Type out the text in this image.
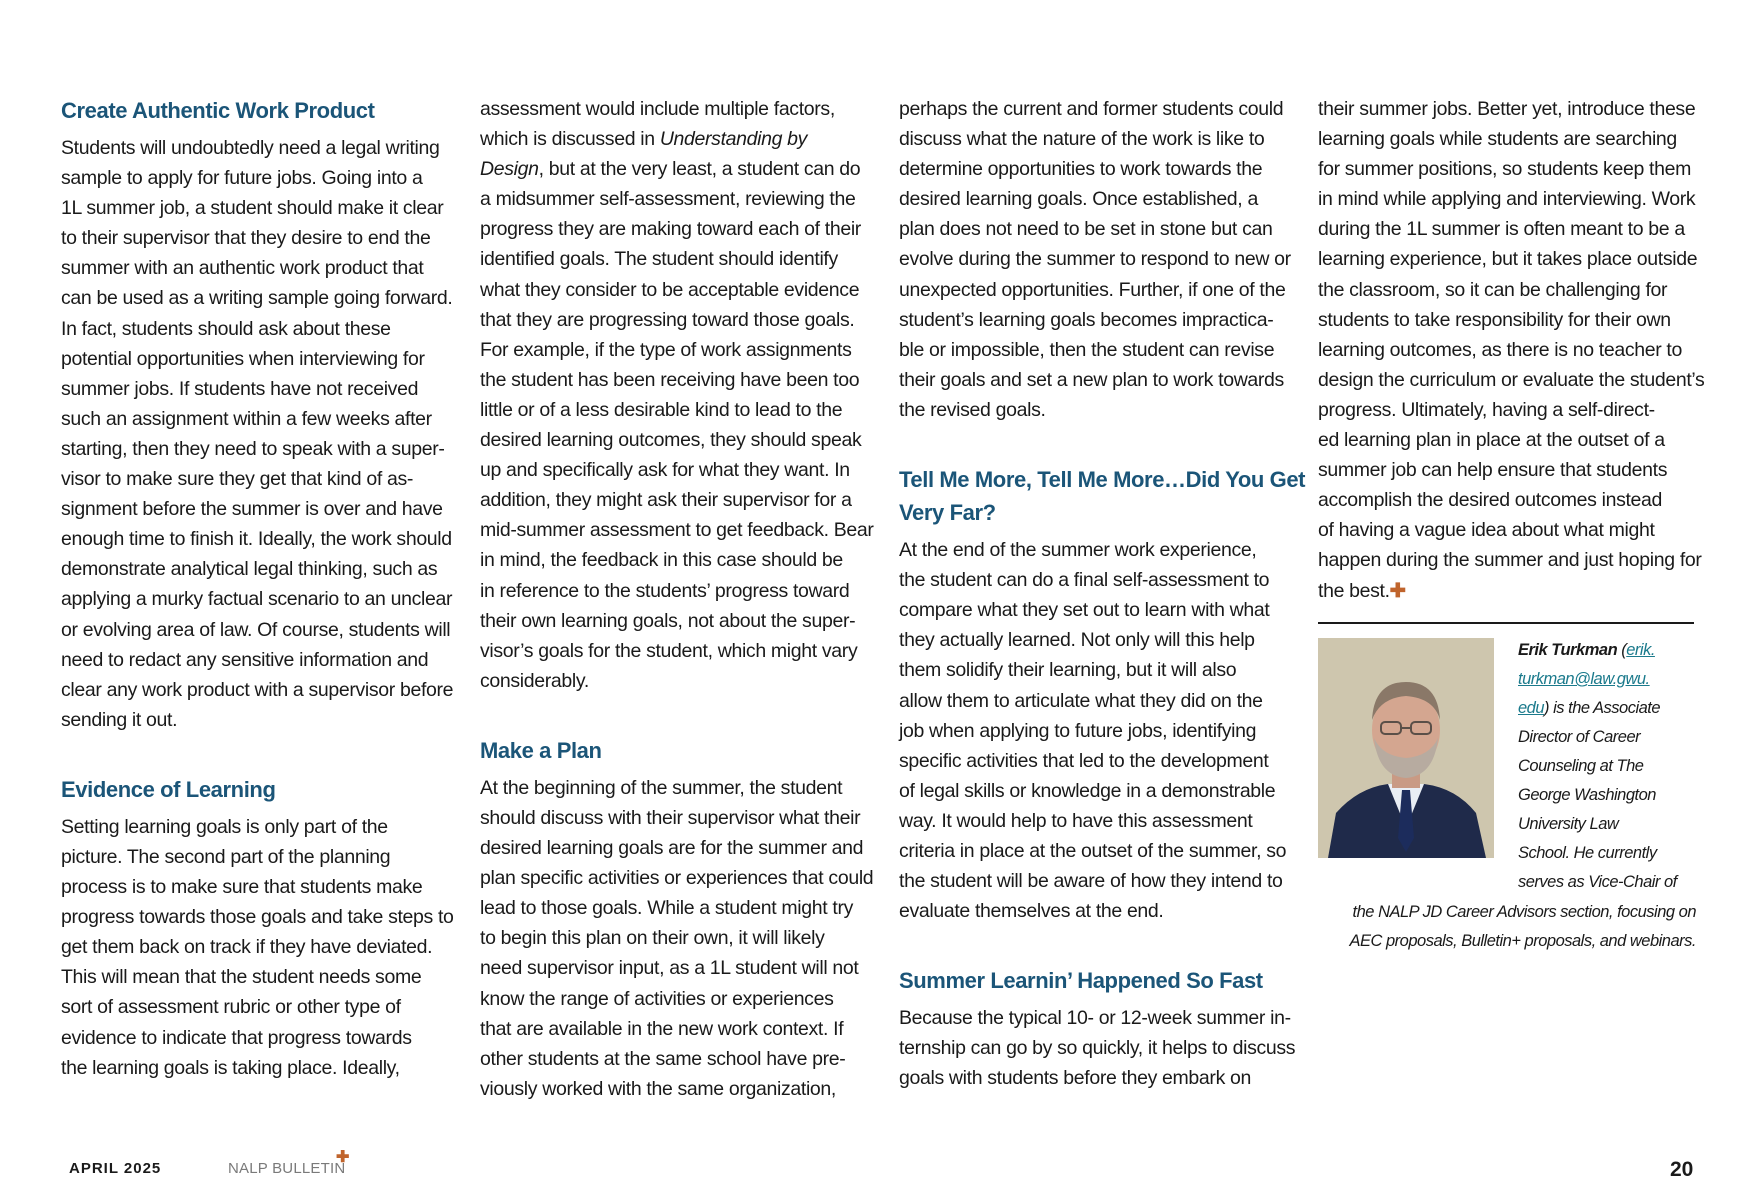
Create Authentic Work Product
Students will undoubtedly need a legal writing
sample to apply for future jobs. Going into a
1L summer job, a student should make it clear
to their supervisor that they desire to end the
summer with an authentic work product that
can be used as a writing sample going forward.
In fact, students should ask about these
potential opportunities when interviewing for
summer jobs. If students have not received
such an assignment within a few weeks after
starting, then they need to speak with a super-
visor to make sure they get that kind of as-
signment before the summer is over and have
enough time to finish it. Ideally, the work should
demonstrate analytical legal thinking, such as
applying a murky factual scenario to an unclear
or evolving area of law. Of course, students will
need to redact any sensitive information and
clear any work product with a supervisor before
sending it out.
Evidence of Learning
Setting learning goals is only part of the
picture. The second part of the planning
process is to make sure that students make
progress towards those goals and take steps to
get them back on track if they have deviated.
This will mean that the student needs some
sort of assessment rubric or other type of
evidence to indicate that progress towards
the learning goals is taking place. Ideally,
assessment would include multiple factors,
which is discussed in Understanding by
Design, but at the very least, a student can do
a midsummer self-assessment, reviewing the
progress they are making toward each of their
identified goals. The student should identify
what they consider to be acceptable evidence
that they are progressing toward those goals.
For example, if the type of work assignments
the student has been receiving have been too
little or of a less desirable kind to lead to the
desired learning outcomes, they should speak
up and specifically ask for what they want. In
addition, they might ask their supervisor for a
mid-summer assessment to get feedback. Bear
in mind, the feedback in this case should be
in reference to the students’ progress toward
their own learning goals, not about the super-
visor’s goals for the student, which might vary
considerably.
Make a Plan
At the beginning of the summer, the student
should discuss with their supervisor what their
desired learning goals are for the summer and
plan specific activities or experiences that could
lead to those goals. While a student might try
to begin this plan on their own, it will likely
need supervisor input, as a 1L student will not
know the range of activities or experiences
that are available in the new work context. If
other students at the same school have pre-
viously worked with the same organization,
perhaps the current and former students could
discuss what the nature of the work is like to
determine opportunities to work towards the
desired learning goals. Once established, a
plan does not need to be set in stone but can
evolve during the summer to respond to new or
unexpected opportunities. Further, if one of the
student’s learning goals becomes impractica-
ble or impossible, then the student can revise
their goals and set a new plan to work towards
the revised goals.
Tell Me More, Tell Me More…Did You Get
Very Far?
At the end of the summer work experience,
the student can do a final self-assessment to
compare what they set out to learn with what
they actually learned. Not only will this help
them solidify their learning, but it will also
allow them to articulate what they did on the
job when applying to future jobs, identifying
specific activities that led to the development
of legal skills or knowledge in a demonstrable
way. It would help to have this assessment
criteria in place at the outset of the summer, so
the student will be aware of how they intend to
evaluate themselves at the end.
Summer Learnin’ Happened So Fast
Because the typical 10- or 12-week summer in-
ternship can go by so quickly, it helps to discuss
goals with students before they embark on
their summer jobs. Better yet, introduce these
learning goals while students are searching
for summer positions, so students keep them
in mind while applying and interviewing. Work
during the 1L summer is often meant to be a
learning experience, but it takes place outside
the classroom, so it can be challenging for
students to take responsibility for their own
learning outcomes, as there is no teacher to
design the curriculum or evaluate the student’s
progress. Ultimately, having a self-direct-
ed learning plan in place at the outset of a
summer job can help ensure that students
accomplish the desired outcomes instead
of having a vague idea about what might
happen during the summer and just hoping for
the best.✚
Erik Turkman (erik.
turkman@law.gwu.
edu) is the Associate
Director of Career
Counseling at The
George Washington
University Law
School. He currently
serves as Vice-Chair of
the NALP JD Career Advisors section, focusing on
AEC proposals, Bulletin+ proposals, and webinars.
APRIL 2025	NALP BULLETIN
✚
20
